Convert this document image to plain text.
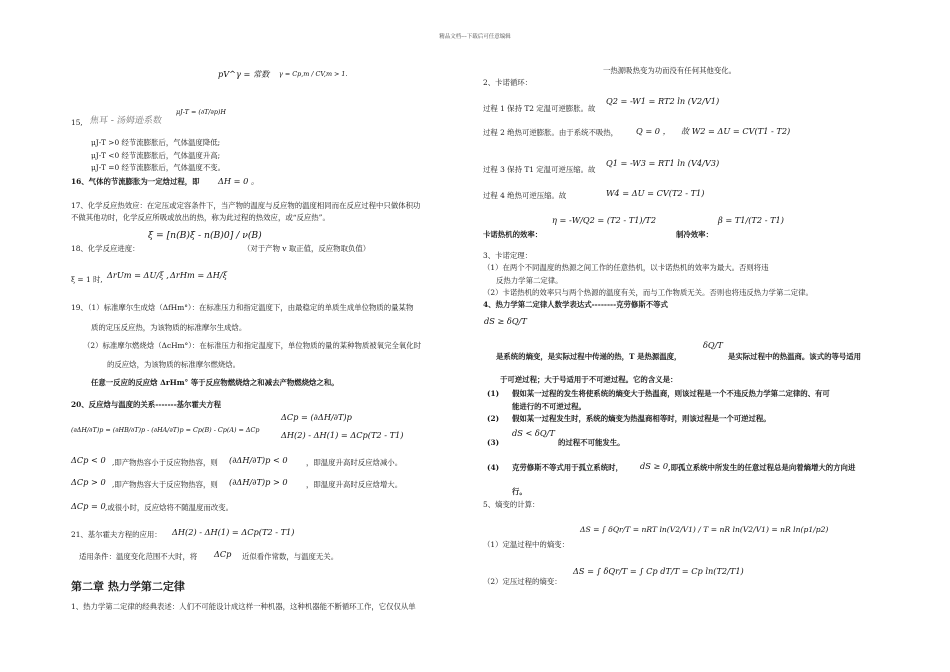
精品文档---下载后可任意编辑
pV^γ = 常数 γ = Cp,m / CV,m > 1.
15, 焦耳 - 汤姆逊系数
μJ-T = (∂T/∂p)H
μJ-T >0 经节流膨胀后，气体温度降低;
μJ-T <0 经节流膨胀后，气体温度升高;
μJ-T =0 经节流膨胀后，气体温度不变。
16、气体的节流膨胀为一定焓过程，即 ΔH = 0 。
17、化学反应热效应：在定压或定容条件下，当产物的温度与反应物的温度相同而在反应过程中只做体积功
不做其他功时，化学反应所吸或放出的热，称为此过程的热效应，或“反应热”。
18、化学反应进度：
ξ = [n(B)ξ - n(B)0] / ν(B)
（对于产物 v 取正值，反应物取负值）
ξ = 1 时, ΔrUm = ΔU/ξ , ΔrHm = ΔH/ξ
19、（1）标准摩尔生成焓（ΔfHm°）：在标准压力和指定温度下，由最稳定的单质生成单位物质的量某物
质的定压反应热，为该物质的标准摩尔生成焓。
（2）标准摩尔燃烧焓（ΔcHm°）：在标准压力和指定温度下，单位物质的量的某种物质被氧完全氧化时
的反应焓，为该物质的标准摩尔燃烧焓。
任意一反应的反应焓 ΔrHm° 等于反应物燃烧焓之和减去产物燃烧焓之和。
20、反应焓与温度的关系-------基尔霍夫方程
(∂ΔH/∂T)p = (∂HB/∂T)p - (∂HA/∂T)p = Cp(B) - Cp(A) = ΔCp
ΔCp = (∂ΔH/∂T)p
ΔH(2) - ΔH(1) = ΔCp(T2 - T1)
ΔCp < 0 ,即产物热容小于反应物热容，则 (∂ΔH/∂T)p < 0 ，即温度升高时反应焓减小。
ΔCp > 0 ,即产物热容大于反应物热容，则 (∂ΔH/∂T)p > 0 ，即温度升高时反应焓增大。
ΔCp = 0 ,或很小时，反应焓将不随温度而改变。
21、基尔霍夫方程的应用： ΔH(2) - ΔH(1) = ΔCp(T2 - T1)
适用条件：温度变化范围不大时，将 ΔCp 近似看作常数，与温度无关。
第二章 热力学第二定律
1、热力学第二定律的经典表述：人们不可能设计成这样一种机器，这种机器能不断循环工作，它仅仅从单
一热源吸热变为功而没有任何其他变化。
2、卡诺循环：
过程 1 保持 T2 定温可逆膨胀。故
Q2 = -W1 = RT2 ln (V2/V1)
过程 2 绝热可逆膨胀。由于系统不吸热， Q = 0 ， 故 W2 = ΔU = CV(T1 - T2)
过程 3 保持 T1 定温可逆压缩。故
Q1 = -W3 = RT1 ln (V4/V3)
过程 4 绝热可逆压缩。故	W4 = ΔU = CV(T2 - T1)
卡诺热机的效率：
η = -W/Q2 = (T2 - T1)/T2
制冷效率：
β = T1/(T2 - T1)
3、卡诺定理：
（1）在两个不同温度的热源之间工作的任意热机，以卡诺热机的效率为最大。否则将违
反热力学第二定律。
（2）卡诺热机的效率只与两个热源的温度有关，而与工作物质无关。否则也将违反热力学第二定律。
4、热力学第二定律人数学表达式--------克劳修斯不等式
dS ≥ δQ/T
是系统的熵变，是实际过程中传递的热，T 是热源温度，
δQ/T
是实际过程中的热温商。该式的等号适用
于可逆过程；大于号适用于不可逆过程。它的含义是：
(1) 假如某一过程的发生将使系统的熵变大于热温商，则该过程是一个不违反热力学第二定律的、有可
能进行的不可逆过程。
(2) 假如某一过程发生时，系统的熵变为热温商相等时，则该过程是一个可逆过程。
(3)
dS < δQ/T
的过程不可能发生。
(4) 克劳修斯不等式用于孤立系统时， dS ≥ 0 ,即孤立系统中所发生的任意过程总是向着熵增大的方向进
行。
5、熵变的计算：
（1）定温过程中的熵变：
ΔS = ∫ δQr/T = nRT ln(V2/V1) / T = nR ln(V2/V1) = nR ln(p1/p2)
（2）定压过程的熵变：
ΔS = ∫ δQr/T = ∫ Cp dT/T = Cp ln(T2/T1)
